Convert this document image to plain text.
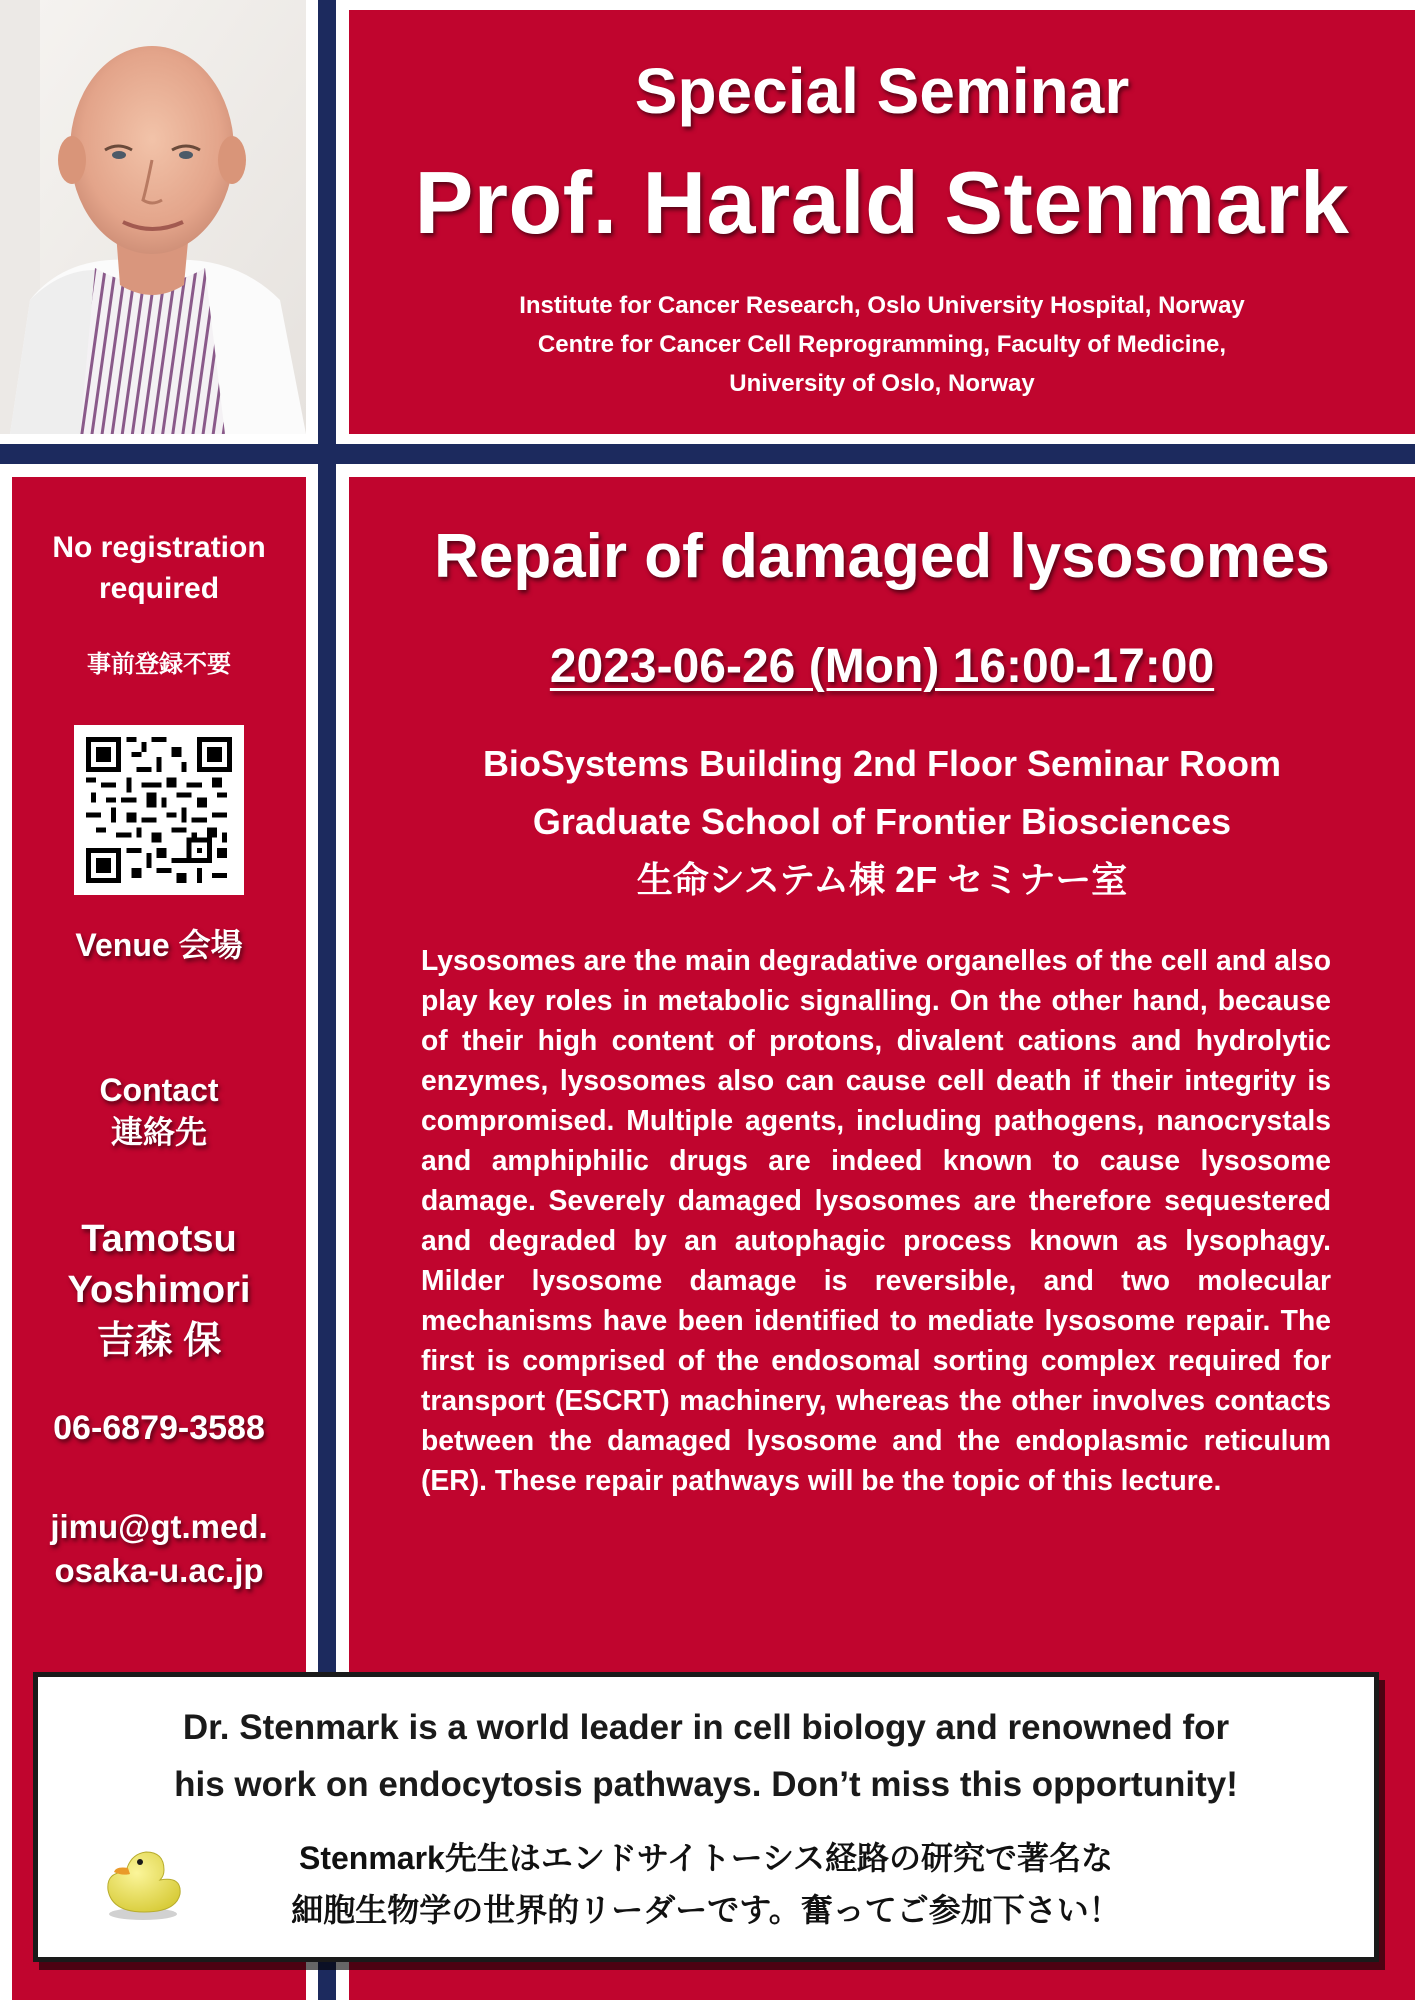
Special Seminar
Prof. Harald Stenmark
Institute for Cancer Research, Oslo University Hospital, Norway
Centre for Cancer Cell Reprogramming, Faculty of Medicine,
University of Oslo, Norway
No registration required
事前登録不要
Venue 会場
Contact
連絡先
Tamotsu
Yoshimori
吉森 保
06-6879-3588
jimu@gt.med.
osaka-u.ac.jp
Repair of damaged lysosomes
2023-06-26 (Mon) 16:00-17:00
BioSystems Building 2nd Floor Seminar Room
Graduate School of Frontier Biosciences
生命システム棟 2F セミナー室
Lysosomes are the main degradative organelles of the cell and also play key roles in metabolic signalling. On the other hand, because of their high content of protons, divalent cations and hydrolytic enzymes, lysosomes also can cause cell death if their integrity is compromised. Multiple agents, including pathogens, nanocrystals and amphiphilic drugs are indeed known to cause lysosome damage. Severely damaged lysosomes are therefore sequestered and degraded by an autophagic process known as lysophagy. Milder lysosome damage is reversible, and two molecular mechanisms have been identified to mediate lysosome repair. The first is comprised of the endosomal sorting complex required for transport (ESCRT) machinery, whereas the other involves contacts between the damaged lysosome and the endoplasmic reticulum (ER). These repair pathways will be the topic of this lecture.
Dr. Stenmark is a world leader in cell biology and renowned for
his work on endocytosis pathways. Don’t miss this opportunity!
Stenmark先生はエンドサイトーシス経路の研究で著名な
細胞生物学の世界的リーダーです。奮ってご参加下さい！
